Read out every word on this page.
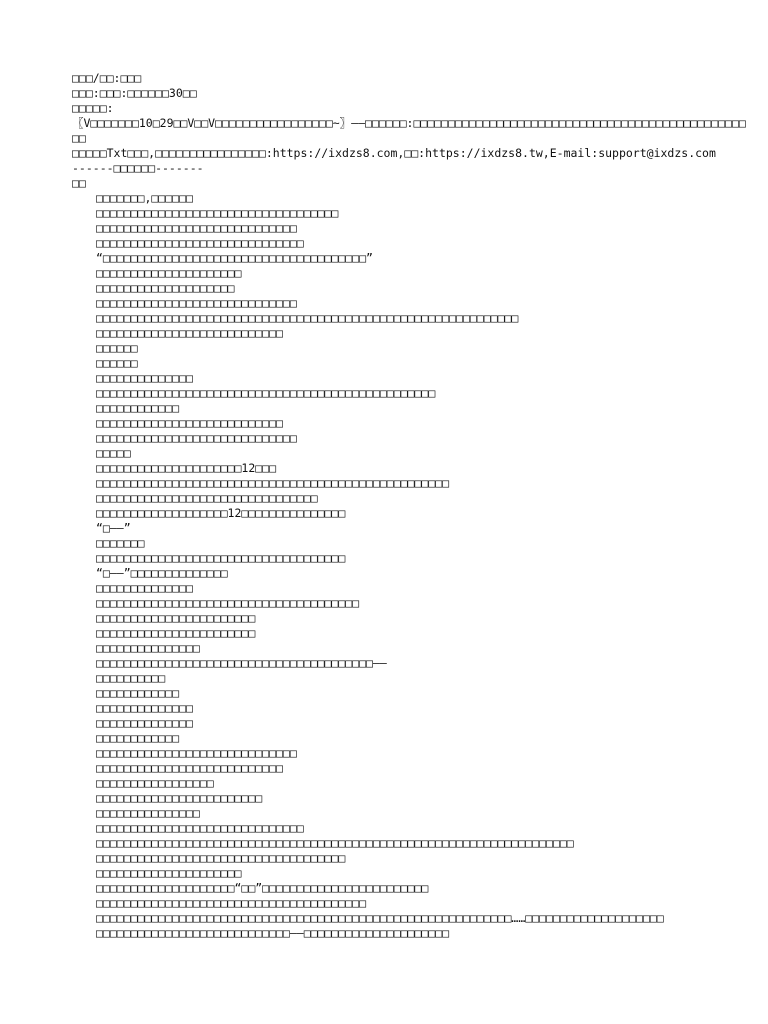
□□□/□□:□□□
□□□:□□□:□□□□□□30□□
□□□□□:
〖V□□□□□□□10□29□□V□□V□□□□□□□□□□□□□□□□□~〗——□□□□□□:□□□□□□□□□□□□□□□□□□□□□□□□□□□□□□□□□□□□□□□□□□□□□□□□□□
□□□□□Txt□□□,□□□□□□□□□□□□□□□□:https://ixdzs8.com,□□:https://ixdzs8.tw,E-mail:support@ixdzs.com
------□□□□□□-------
□□
□□□□□□□,□□□□□□
□□□□□□□□□□□□□□□□□□□□□□□□□□□□□□□□□□□
□□□□□□□□□□□□□□□□□□□□□□□□□□□□□
□□□□□□□□□□□□□□□□□□□□□□□□□□□□□□
“□□□□□□□□□□□□□□□□□□□□□□□□□□□□□□□□□□□□□□”
□□□□□□□□□□□□□□□□□□□□□
□□□□□□□□□□□□□□□□□□□□
□□□□□□□□□□□□□□□□□□□□□□□□□□□□□
□□□□□□□□□□□□□□□□□□□□□□□□□□□□□□□□□□□□□□□□□□□□□□□□□□□□□□□□□□□□□
□□□□□□□□□□□□□□□□□□□□□□□□□□□
□□□□□□
□□□□□□
□□□□□□□□□□□□□□
□□□□□□□□□□□□□□□□□□□□□□□□□□□□□□□□□□□□□□□□□□□□□□□□□
□□□□□□□□□□□□
□□□□□□□□□□□□□□□□□□□□□□□□□□□
□□□□□□□□□□□□□□□□□□□□□□□□□□□□□
□□□□□
□□□□□□□□□□□□□□□□□□□□□12□□□
□□□□□□□□□□□□□□□□□□□□□□□□□□□□□□□□□□□□□□□□□□□□□□□□□□□
□□□□□□□□□□□□□□□□□□□□□□□□□□□□□□□□
□□□□□□□□□□□□□□□□□□□12□□□□□□□□□□□□□□□
“□——”
□□□□□□□
□□□□□□□□□□□□□□□□□□□□□□□□□□□□□□□□□□□□
“□——”□□□□□□□□□□□□□□
□□□□□□□□□□□□□□
□□□□□□□□□□□□□□□□□□□□□□□□□□□□□□□□□□□□□□
□□□□□□□□□□□□□□□□□□□□□□□
□□□□□□□□□□□□□□□□□□□□□□□
□□□□□□□□□□□□□□□
□□□□□□□□□□□□□□□□□□□□□□□□□□□□□□□□□□□□□□□□——
□□□□□□□□□□
□□□□□□□□□□□□
□□□□□□□□□□□□□□
□□□□□□□□□□□□□□
□□□□□□□□□□□□
□□□□□□□□□□□□□□□□□□□□□□□□□□□□□
□□□□□□□□□□□□□□□□□□□□□□□□□□□
□□□□□□□□□□□□□□□□□
□□□□□□□□□□□□□□□□□□□□□□□□
□□□□□□□□□□□□□□□
□□□□□□□□□□□□□□□□□□□□□□□□□□□□□□
□□□□□□□□□□□□□□□□□□□□□□□□□□□□□□□□□□□□□□□□□□□□□□□□□□□□□□□□□□□□□□□□□□□□□
□□□□□□□□□□□□□□□□□□□□□□□□□□□□□□□□□□□□
□□□□□□□□□□□□□□□□□□□□□
□□□□□□□□□□□□□□□□□□□□“□□”□□□□□□□□□□□□□□□□□□□□□□□□
□□□□□□□□□□□□□□□□□□□□□□□□□□□□□□□□□□□□□□□
□□□□□□□□□□□□□□□□□□□□□□□□□□□□□□□□□□□□□□□□□□□□□□□□□□□□□□□□□□□□……□□□□□□□□□□□□□□□□□□□□
□□□□□□□□□□□□□□□□□□□□□□□□□□□□——□□□□□□□□□□□□□□□□□□□□□
